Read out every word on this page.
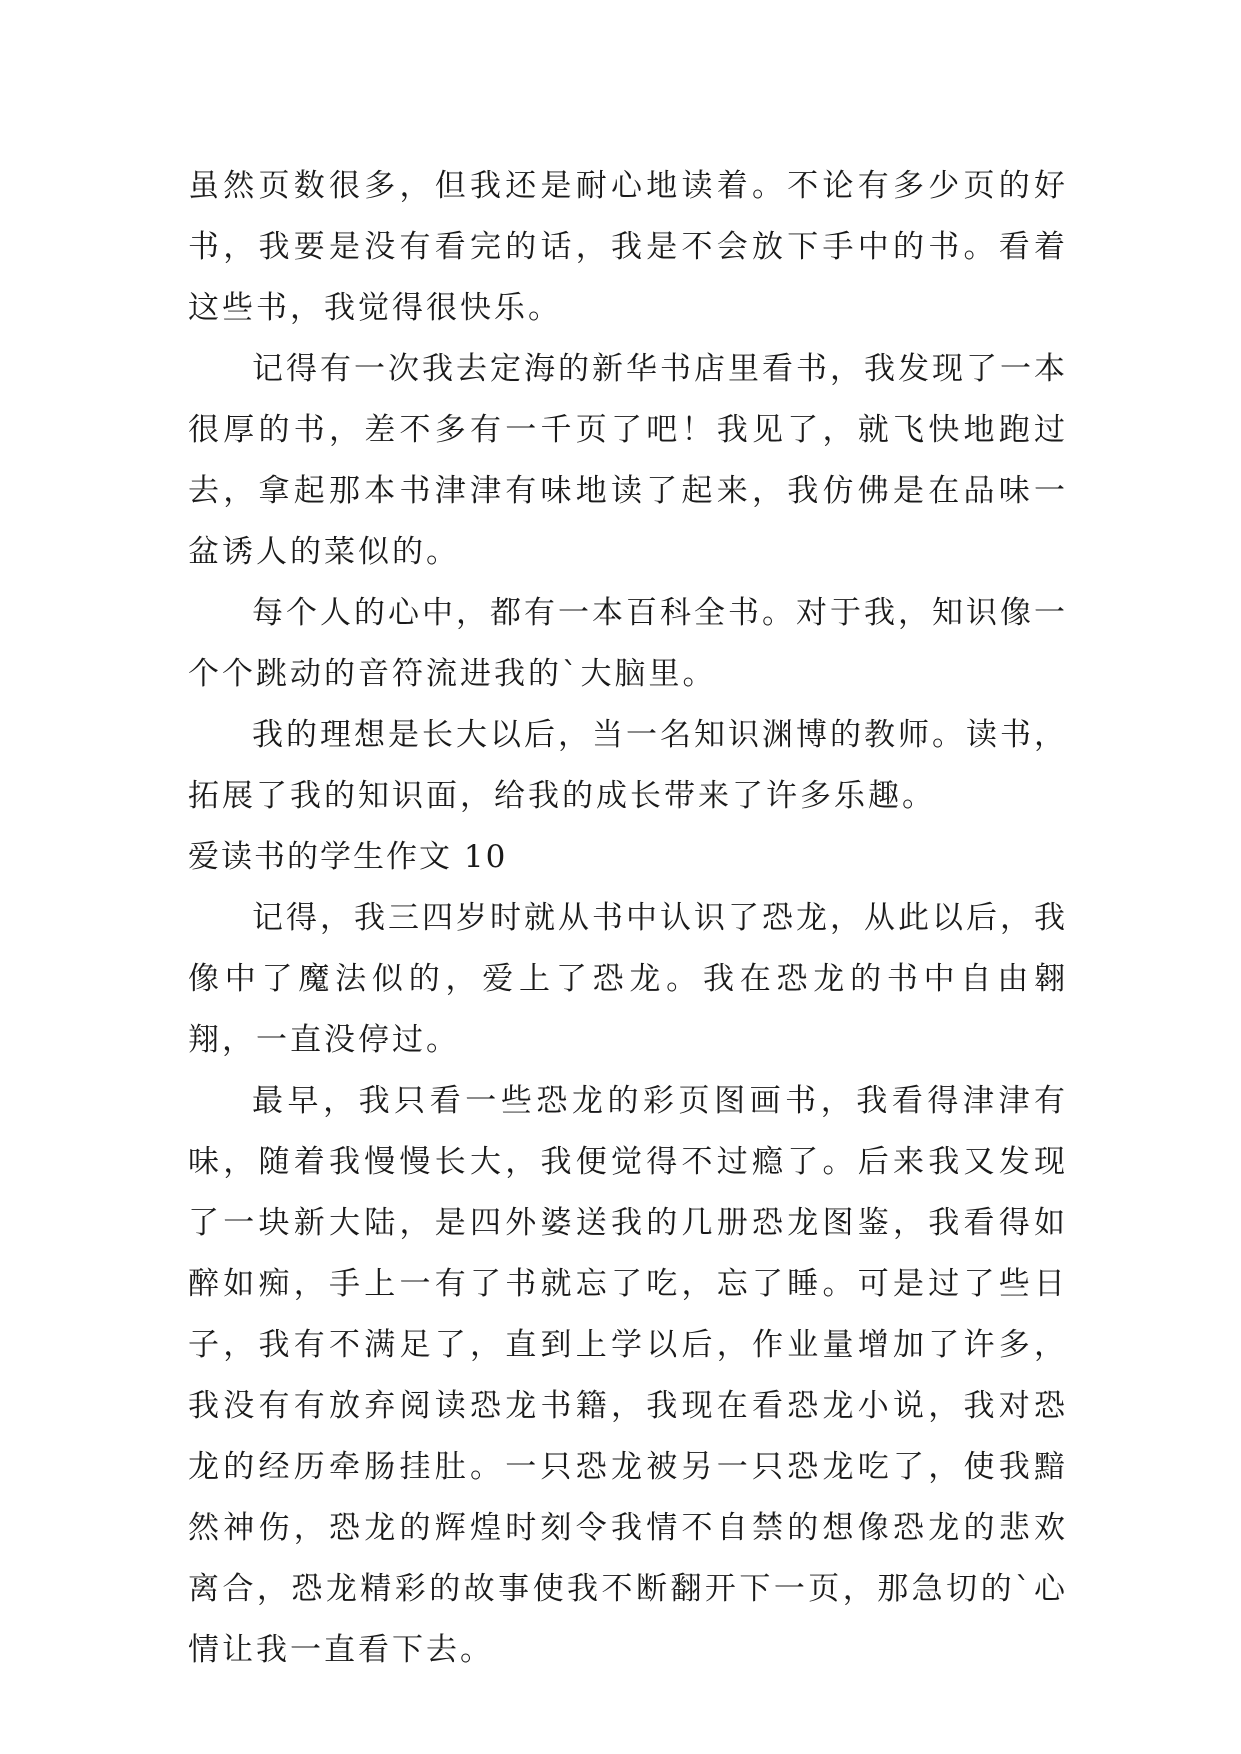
虽然页数很多，但我还是耐心地读着。不论有多少页的好书，我要是没有看完的话，我是不会放下手中的书。看着这些书，我觉得很快乐。

记得有一次我去定海的新华书店里看书，我发现了一本很厚的书，差不多有一千页了吧！我见了，就飞快地跑过去，拿起那本书津津有味地读了起来，我仿佛是在品味一盆诱人的菜似的。

每个人的心中，都有一本百科全书。对于我，知识像一个个跳动的音符流进我的`大脑里。

我的理想是长大以后，当一名知识渊博的教师。读书，拓展了我的知识面，给我的成长带来了许多乐趣。

爱读书的学生作文 10

记得，我三四岁时就从书中认识了恐龙，从此以后，我像中了魔法似的，爱上了恐龙。我在恐龙的书中自由翱翔，一直没停过。

最早，我只看一些恐龙的彩页图画书，我看得津津有味，随着我慢慢长大，我便觉得不过瘾了。后来我又发现了一块新大陆，是四外婆送我的几册恐龙图鉴，我看得如醉如痴，手上一有了书就忘了吃，忘了睡。可是过了些日子，我有不满足了，直到上学以后，作业量增加了许多，我没有有放弃阅读恐龙书籍，我现在看恐龙小说，我对恐龙的经历牵肠挂肚。一只恐龙被另一只恐龙吃了，使我黯然神伤，恐龙的辉煌时刻令我情不自禁的想像恐龙的悲欢离合，恐龙精彩的故事使我不断翻开下一页，那急切的`心情让我一直看下去。
